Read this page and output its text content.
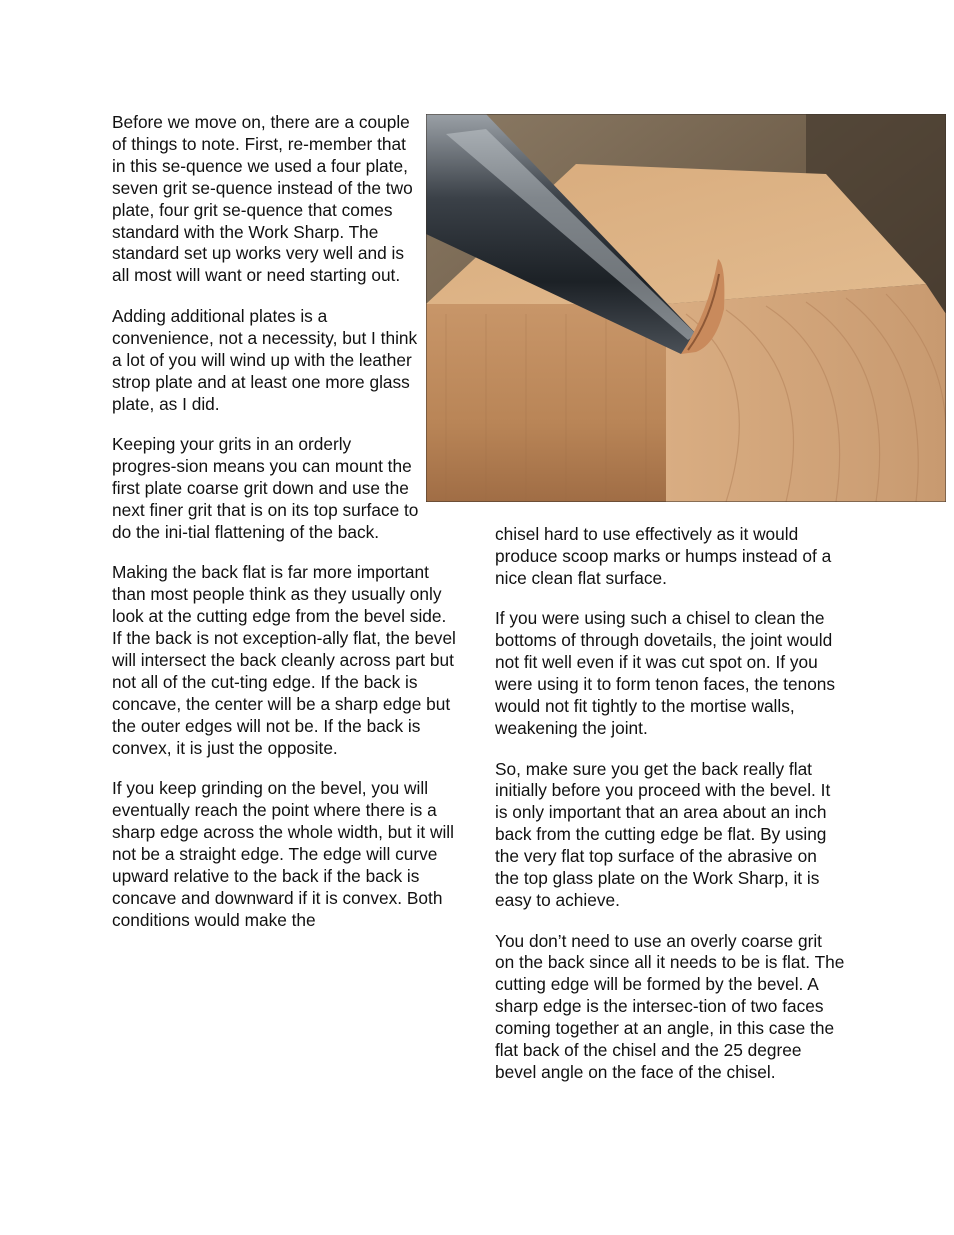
Before we move on, there are a couple of things to note. First, re-member that in this se-quence we used a four plate, seven grit se-quence instead of the two plate, four grit se-quence that comes standard with the Work Sharp. The standard set up works very well and is all most will want or need starting out.

Adding additional plates is a convenience, not a necessity, but I think a lot of you will wind up with the leather strop plate and at least one more glass plate, as I did.

Keeping your grits in an orderly progres-sion means you can mount the first plate coarse grit down and use the next finer grit that is on its top surface to do the ini-tial flattening of the back.

Making the back flat is far more important than most people think as they usually only look at the cutting edge from the bevel side. If the back is not exception-ally flat, the bevel will intersect the back cleanly across part but not all of the cut-ting edge. If the back is concave, the center will be a sharp edge but the outer edges will not be. If the back is convex, it is just the opposite.

If you keep grinding on the bevel, you will eventually reach the point where there is a sharp edge across the whole width, but it will not be a straight edge. The edge will curve upward relative to the back if the back is concave and downward if it is convex. Both conditions would make the

chisel hard to use effectively as it would produce scoop marks or humps instead of a nice clean flat surface.

If you were using such a chisel to clean the bottoms of through dovetails, the joint would not fit well even if it was cut spot on. If you were using it to form tenon faces, the tenons would not fit tightly to the mortise walls, weakening the joint.

So, make sure you get the back really flat initially before you proceed with the bevel. It is only important that an area about an inch back from the cutting edge be flat. By using the very flat top surface of the abrasive on the top glass plate on the Work Sharp, it is easy to achieve.

You don’t need to use an overly coarse grit on the back since all it needs to be is flat. The cutting edge will be formed by the bevel. A sharp edge is the intersec-tion of two faces coming together at an angle, in this case the flat back of the chisel and the 25 degree bevel angle on the face of the chisel.
